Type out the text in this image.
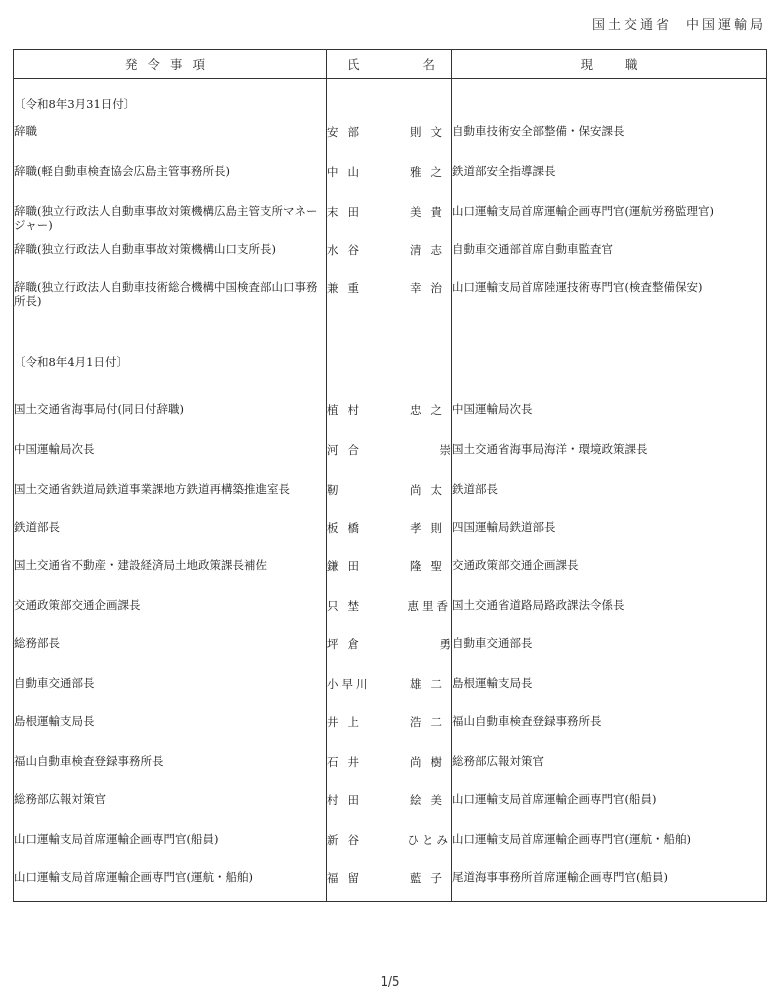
国土交通省 中国運輸局
発令事項	氏 名	現職

〔令和8年3月31日付〕		
辞職	安部 則文	自動車技術安全部整備・保安課長
辞職(軽自動車検査協会広島主管事務所長)	中山 雅之	鉄道部安全指導課長
辞職(独立行政法人自動車事故対策機構広島主管支所マネージャー)	末田 美貴	山口運輸支局首席運輸企画専門官(運航労務監理官)
辞職(独立行政法人自動車事故対策機構山口支所長)	水谷 清志	自動車交通部首席自動車監査官
辞職(独立行政法人自動車技術総合機構中国検査部山口事務所長)	兼重 幸治	山口運輸支局首席陸運技術専門官(検査整備保安)

〔令和8年4月1日付〕		
国土交通省海事局付(同日付辞職)	植村 忠之	中国運輸局次長
中国運輸局次長	河合 崇	国土交通省海事局海洋・環境政策課長
国土交通省鉄道局鉄道事業課地方鉄道再構築推進室長	靭 尚太	鉄道部長
鉄道部長	板橋 孝則	四国運輸局鉄道部長
国土交通省不動産・建設経済局土地政策課長補佐	鎌田 隆聖	交通政策部交通企画課長
交通政策部交通企画課長	只埜 恵里香	国土交通省道路局路政課法令係長
総務部長	坪倉 勇	自動車交通部長
自動車交通部長	小早川 雄二	島根運輸支局長
島根運輸支局長	井上 浩二	福山自動車検査登録事務所長
福山自動車検査登録事務所長	石井 尚樹	総務部広報対策官
総務部広報対策官	村田 絵美	山口運輸支局首席運輸企画専門官(船員)
山口運輸支局首席運輸企画専門官(船員)	新谷 ひとみ	山口運輸支局首席運輸企画専門官(運航・船舶)
山口運輸支局首席運輸企画専門官(運航・船舶)	福留 藍子	尾道海事事務所首席運輸企画専門官(船員)
1/5
